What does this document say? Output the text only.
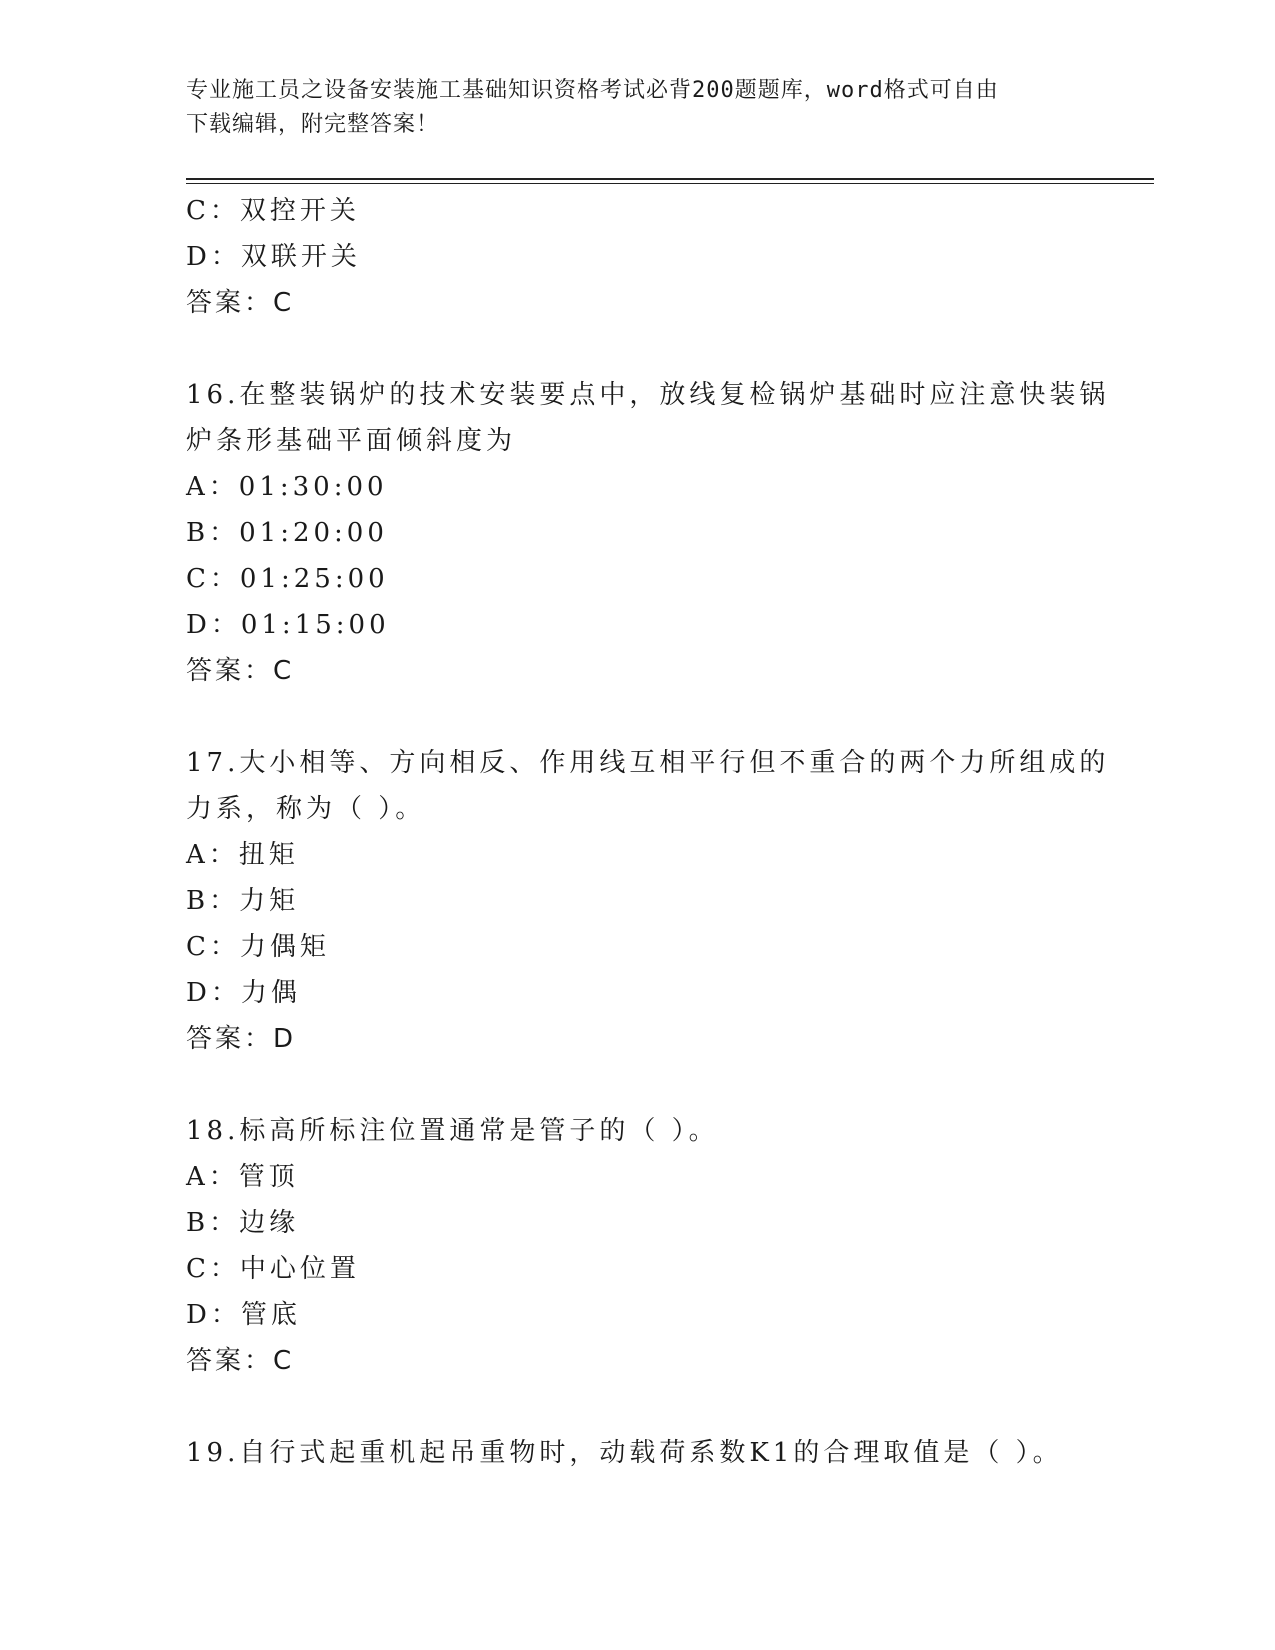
专业施工员之设备安装施工基础知识资格考试必背200题题库，word格式可自由
下载编辑，附完整答案！

C：双控开关

D：双联开关

答案：C

16.在整装锅炉的技术安装要点中，放线复检锅炉基础时应注意快装锅

炉条形基础平面倾斜度为

A：01:30:00

B：01:20:00

C：01:25:00

D：01:15:00

答案：C

17.大小相等、方向相反、作用线互相平行但不重合的两个力所组成的

力系，称为（ ）。

A：扭矩

B：力矩

C：力偶矩

D：力偶

答案：D

18.标高所标注位置通常是管子的（ ）。

A：管顶

B：边缘

C：中心位置

D：管底

答案：C

19.自行式起重机起吊重物时，动载荷系数K1的合理取值是（ ）。
